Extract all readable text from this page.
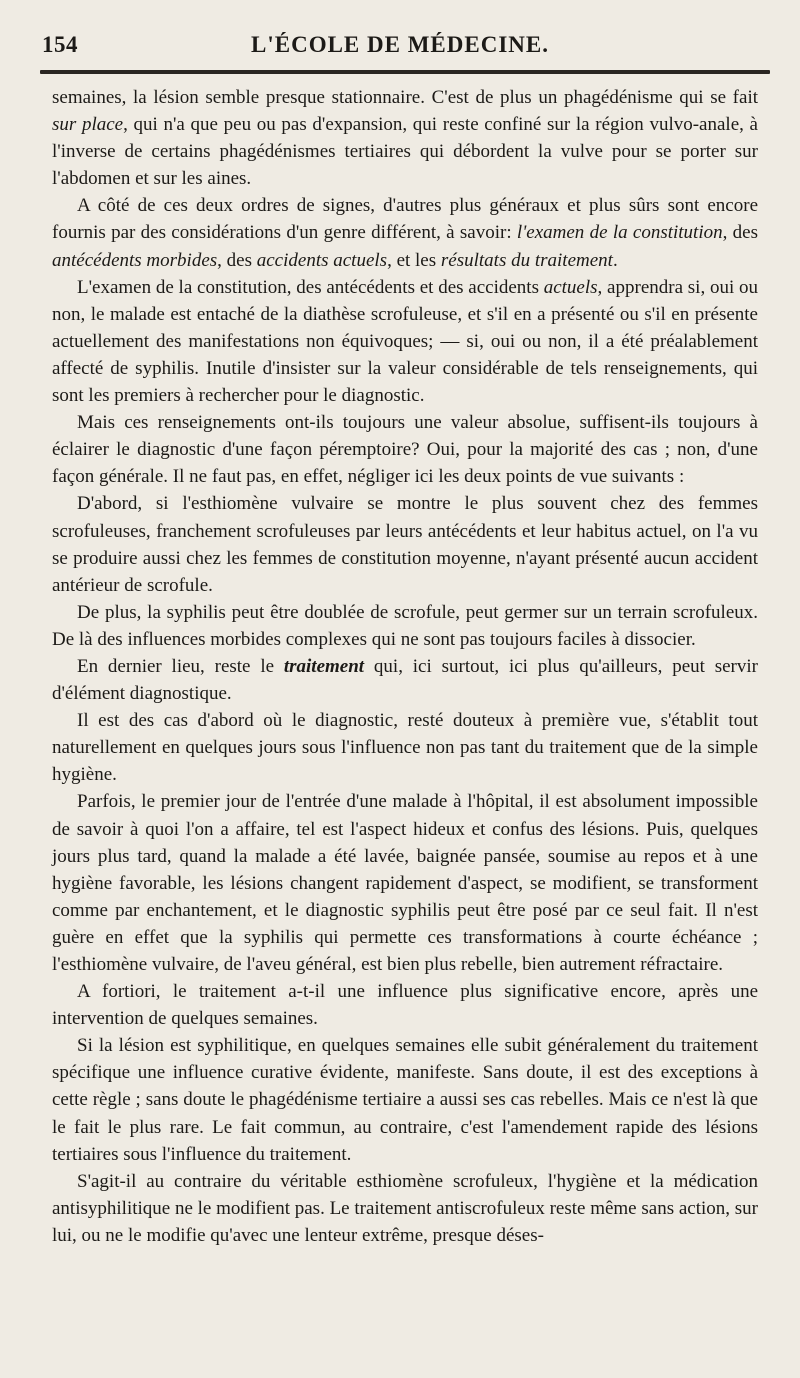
154	L'ÉCOLE DE MÉDECINE.

semaines, la lésion semble presque stationnaire. C'est de plus un phagédénisme qui se fait sur place, qui n'a que peu ou pas d'expansion, qui reste confiné sur la région vulvo-anale, à l'inverse de certains phagédénismes tertiaires qui débordent la vulve pour se porter sur l'abdomen et sur les aines.

A côté de ces deux ordres de signes, d'autres plus généraux et plus sûrs sont encore fournis par des considérations d'un genre différent, à savoir: l'examen de la constitution, des antécédents morbides, des accidents actuels, et les résultats du traitement.

L'examen de la constitution, des antécédents et des accidents actuels, apprendra si, oui ou non, le malade est entaché de la diathèse scrofuleuse, et s'il en a présenté ou s'il en présente actuellement des manifestations non équivoques; — si, oui ou non, il a été préalablement affecté de syphilis. Inutile d'insister sur la valeur considérable de tels renseignements, qui sont les premiers à rechercher pour le diagnostic.

Mais ces renseignements ont-ils toujours une valeur absolue, suffisent-ils toujours à éclairer le diagnostic d'une façon péremptoire? Oui, pour la majorité des cas ; non, d'une façon générale. Il ne faut pas, en effet, négliger ici les deux points de vue suivants :

D'abord, si l'esthiomène vulvaire se montre le plus souvent chez des femmes scrofuleuses, franchement scrofuleuses par leurs antécédents et leur habitus actuel, on l'a vu se produire aussi chez les femmes de constitution moyenne, n'ayant présenté aucun accident antérieur de scrofule.

De plus, la syphilis peut être doublée de scrofule, peut germer sur un terrain scrofuleux. De là des influences morbides complexes qui ne sont pas toujours faciles à dissocier.

En dernier lieu, reste le traitement qui, ici surtout, ici plus qu'ailleurs, peut servir d'élément diagnostique.

Il est des cas d'abord où le diagnostic, resté douteux à première vue, s'établit tout naturellement en quelques jours sous l'influence non pas tant du traitement que de la simple hygiène.

Parfois, le premier jour de l'entrée d'une malade à l'hôpital, il est absolument impossible de savoir à quoi l'on a affaire, tel est l'aspect hideux et confus des lésions. Puis, quelques jours plus tard, quand la malade a été lavée, baignée pansée, soumise au repos et à une hygiène favorable, les lésions changent rapidement d'aspect, se modifient, se transforment comme par enchantement, et le diagnostic syphilis peut être posé par ce seul fait. Il n'est guère en effet que la syphilis qui permette ces transformations à courte échéance ; l'esthiomène vulvaire, de l'aveu général, est bien plus rebelle, bien autrement réfractaire.

A fortiori, le traitement a-t-il une influence plus significative encore, après une intervention de quelques semaines.

Si la lésion est syphilitique, en quelques semaines elle subit généralement du traitement spécifique une influence curative évidente, manifeste. Sans doute, il est des exceptions à cette règle ; sans doute le phagédénisme tertiaire a aussi ses cas rebelles. Mais ce n'est là que le fait le plus rare. Le fait commun, au contraire, c'est l'amendement rapide des lésions tertiaires sous l'influence du traitement.

S'agit-il au contraire du véritable esthiomène scrofuleux, l'hygiène et la médication antisyphilitique ne le modifient pas. Le traitement antiscrofuleux reste même sans action, sur lui, ou ne le modifie qu'avec une lenteur extrême, presque déses-
